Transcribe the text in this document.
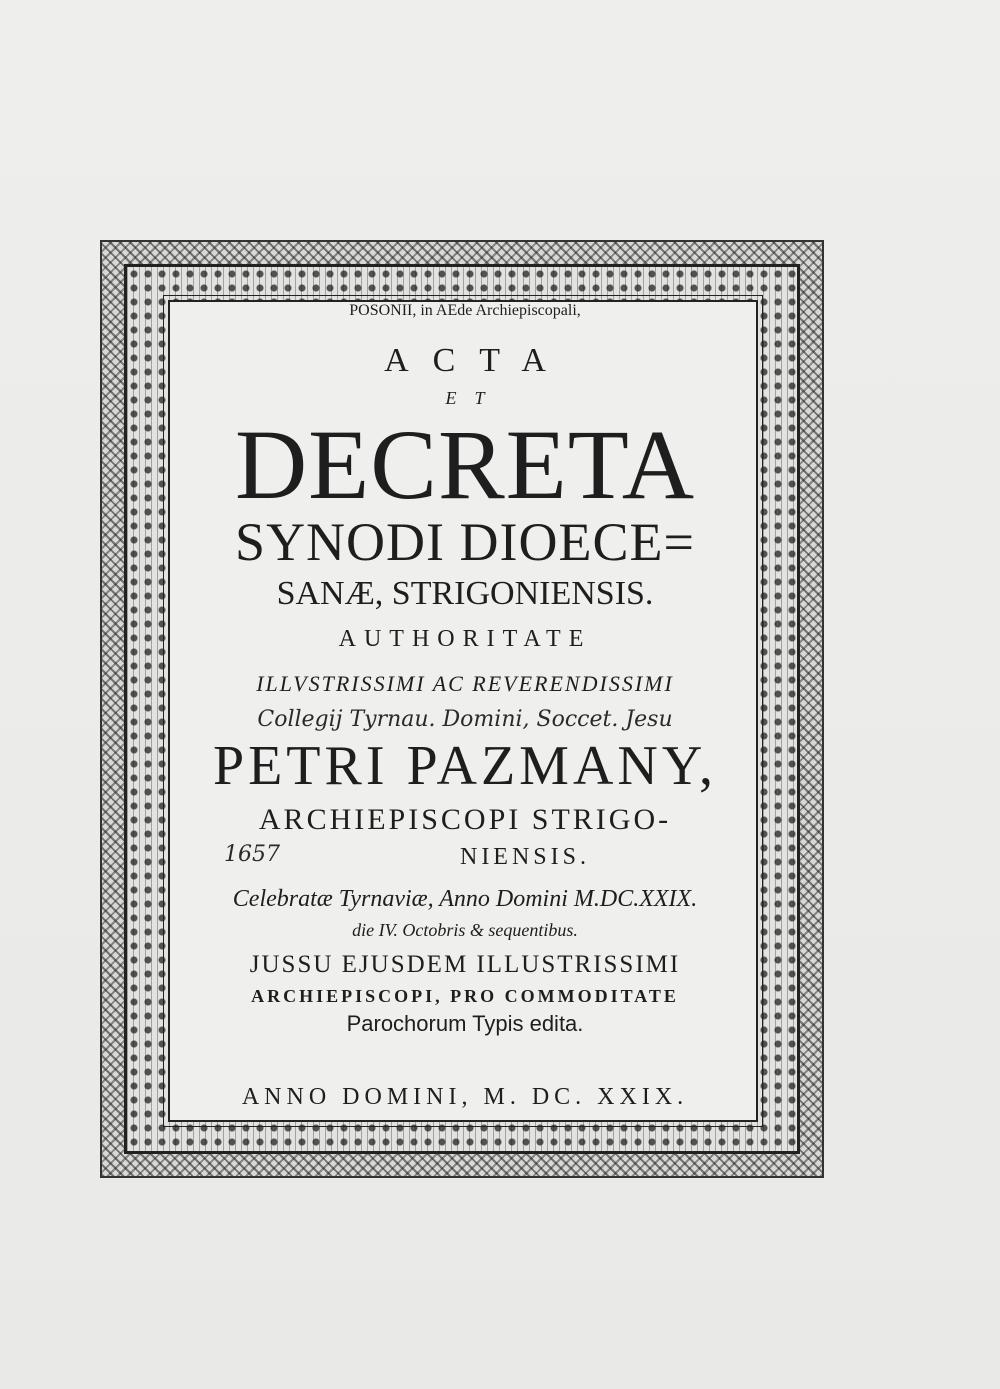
ACTA
ET
DECRETA
SYNODI DIOECE=
SANÆ, STRIGONIENSIS.
AUTHORITATE
ILLVSTRISSIMI AC REVERENDISSIMI
Collegij Tyrnau. Domini, Soccet. Jesu
PETRI PAZMANY,
ARCHIEPISCOPI STRIGO-
1657	NIENSIS.
Celebratæ Tyrnaviæ, Anno Domini M.DC.XXIX.
die IV. Octobris & sequentibus.
JUSSU EJUSDEM ILLUSTRISSIMI
ARCHIEPISCOPI, PRO COMMODITATE
Parochorum Typis edita.
POSONII, in AEde Archiepiscopali,
ANNO DOMINI, M. DC. XXIX.
